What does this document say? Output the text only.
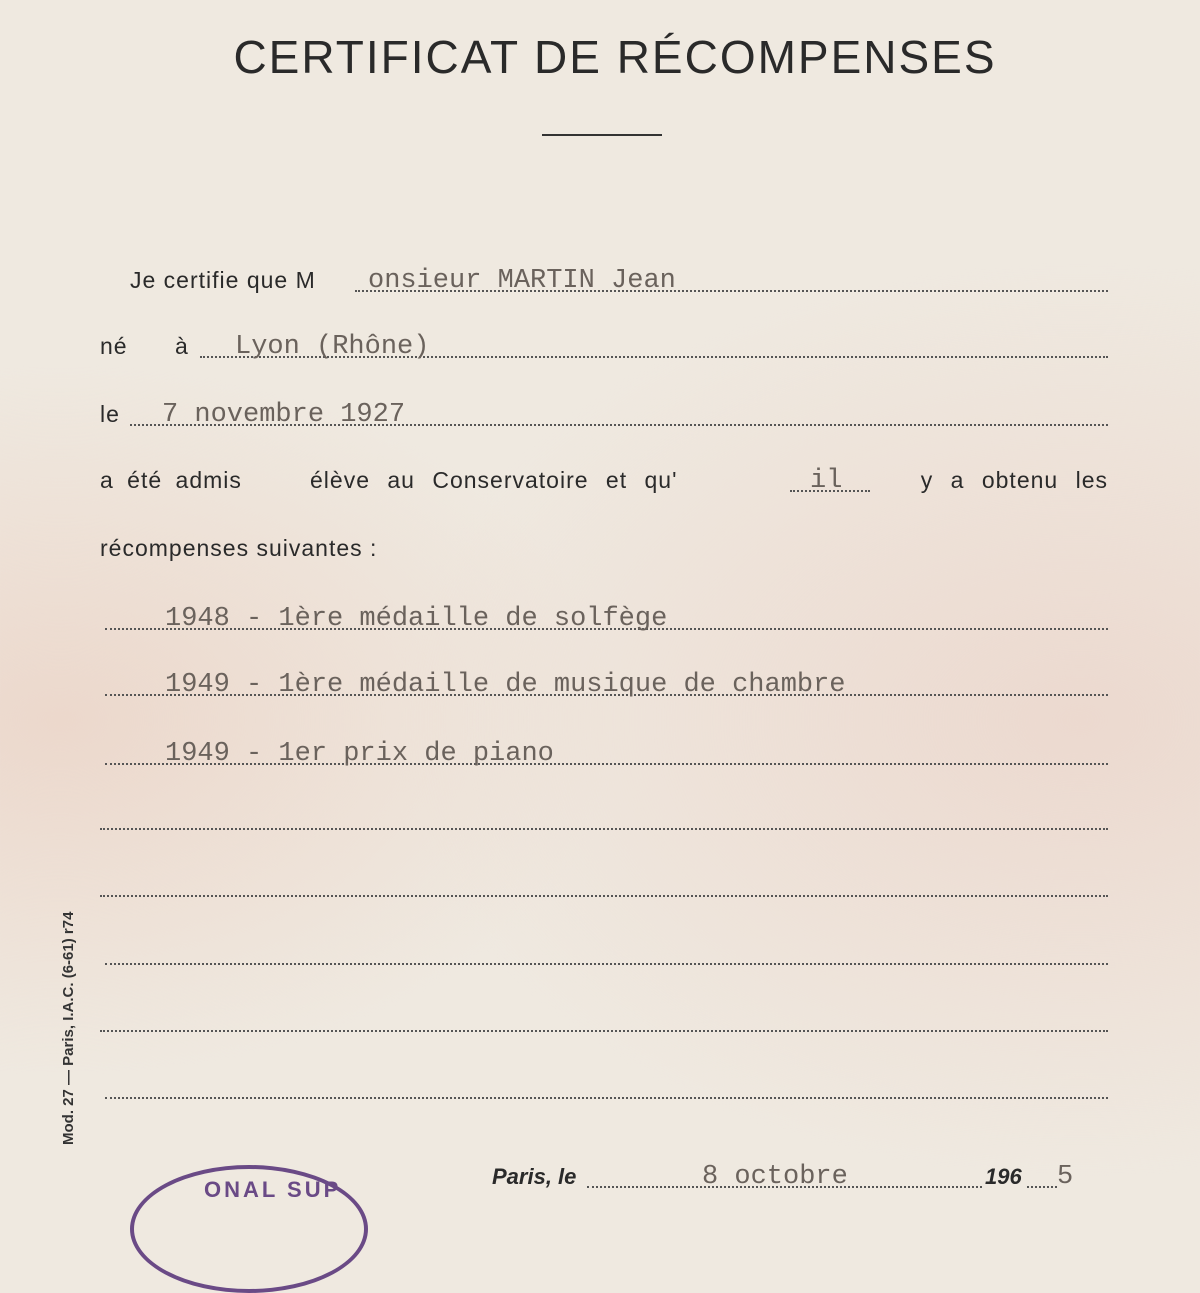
CERTIFICAT DE RÉCOMPENSES
Je certifie que M onsieur MARTIN Jean
né à Lyon (Rhône)
le 7 novembre 1927
a été admis	élève au Conservatoire et qu'	il	y a obtenu les
récompenses suivantes :
1948 - 1ère médaille de solfège
1949 - 1ère médaille de musique de chambre
1949 - 1er prix de piano
Paris, le	8 octobre	196 5
Mod. 27 — Paris, I.A.C. (6-61) r74
ONAL SUP
